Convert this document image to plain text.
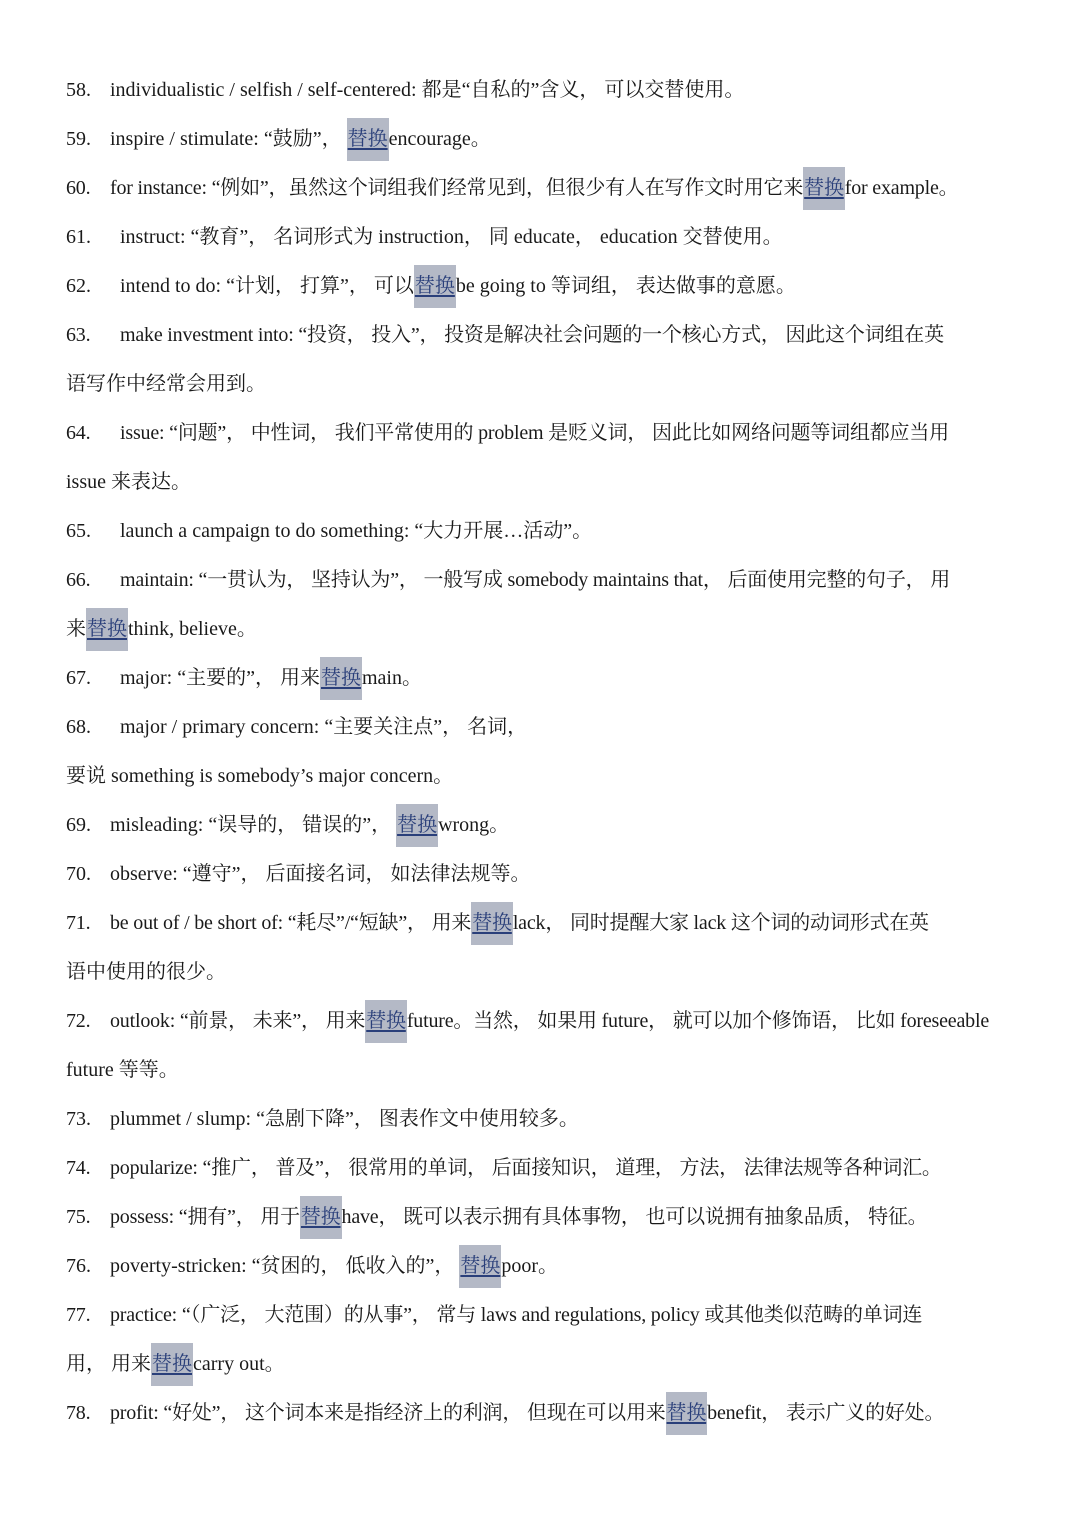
58. individualistic / selfish / self-centered: 都是“自私的”含义， 可以交替使用。
59. inspire / stimulate: “鼓励”， 替换encourage。
60. for instance: “例如”，虽然这个词组我们经常见到，但很少有人在写作文时用它来替换for example。
61. instruct: “教育”， 名词形式为 instruction， 同 educate， education 交替使用。
62. intend to do: “计划， 打算”， 可以替换be going to 等词组， 表达做事的意愿。
63. make investment into: “投资， 投入”， 投资是解决社会问题的一个核心方式， 因此这个词组在英
语写作中经常会用到。
64. issue: “问题”， 中性词， 我们平常使用的 problem 是贬义词， 因此比如网络问题等词组都应当用
issue 来表达。
65. launch a campaign to do something: “大力开展…活动”。
66. maintain: “一贯认为， 坚持认为”， 一般写成 somebody maintains that， 后面使用完整的句子， 用
来替换think, believe。
67. major: “主要的”， 用来替换main。
68. major / primary concern: “主要关注点”， 名词，
要说 something is somebody’s major concern。
69. misleading: “误导的， 错误的”， 替换wrong。
70. observe: “遵守”， 后面接名词， 如法律法规等。
71. be out of / be short of: “耗尽”/“短缺”， 用来替换lack， 同时提醒大家 lack 这个词的动词形式在英
语中使用的很少。
72. outlook: “前景， 未来”， 用来替换future。当然， 如果用 future， 就可以加个修饰语， 比如 foreseeable
future 等等。
73. plummet / slump: “急剧下降”， 图表作文中使用较多。
74. popularize: “推广， 普及”， 很常用的单词， 后面接知识， 道理， 方法， 法律法规等各种词汇。
75. possess: “拥有”， 用于替换have， 既可以表示拥有具体事物， 也可以说拥有抽象品质， 特征。
76. poverty-stricken: “贫困的， 低收入的”， 替换poor。
77. practice: “（广泛， 大范围）的从事”， 常与 laws and regulations, policy 或其他类似范畴的单词连
用， 用来替换carry out。
78. profit: “好处”， 这个词本来是指经济上的利润， 但现在可以用来替换benefit， 表示广义的好处。
